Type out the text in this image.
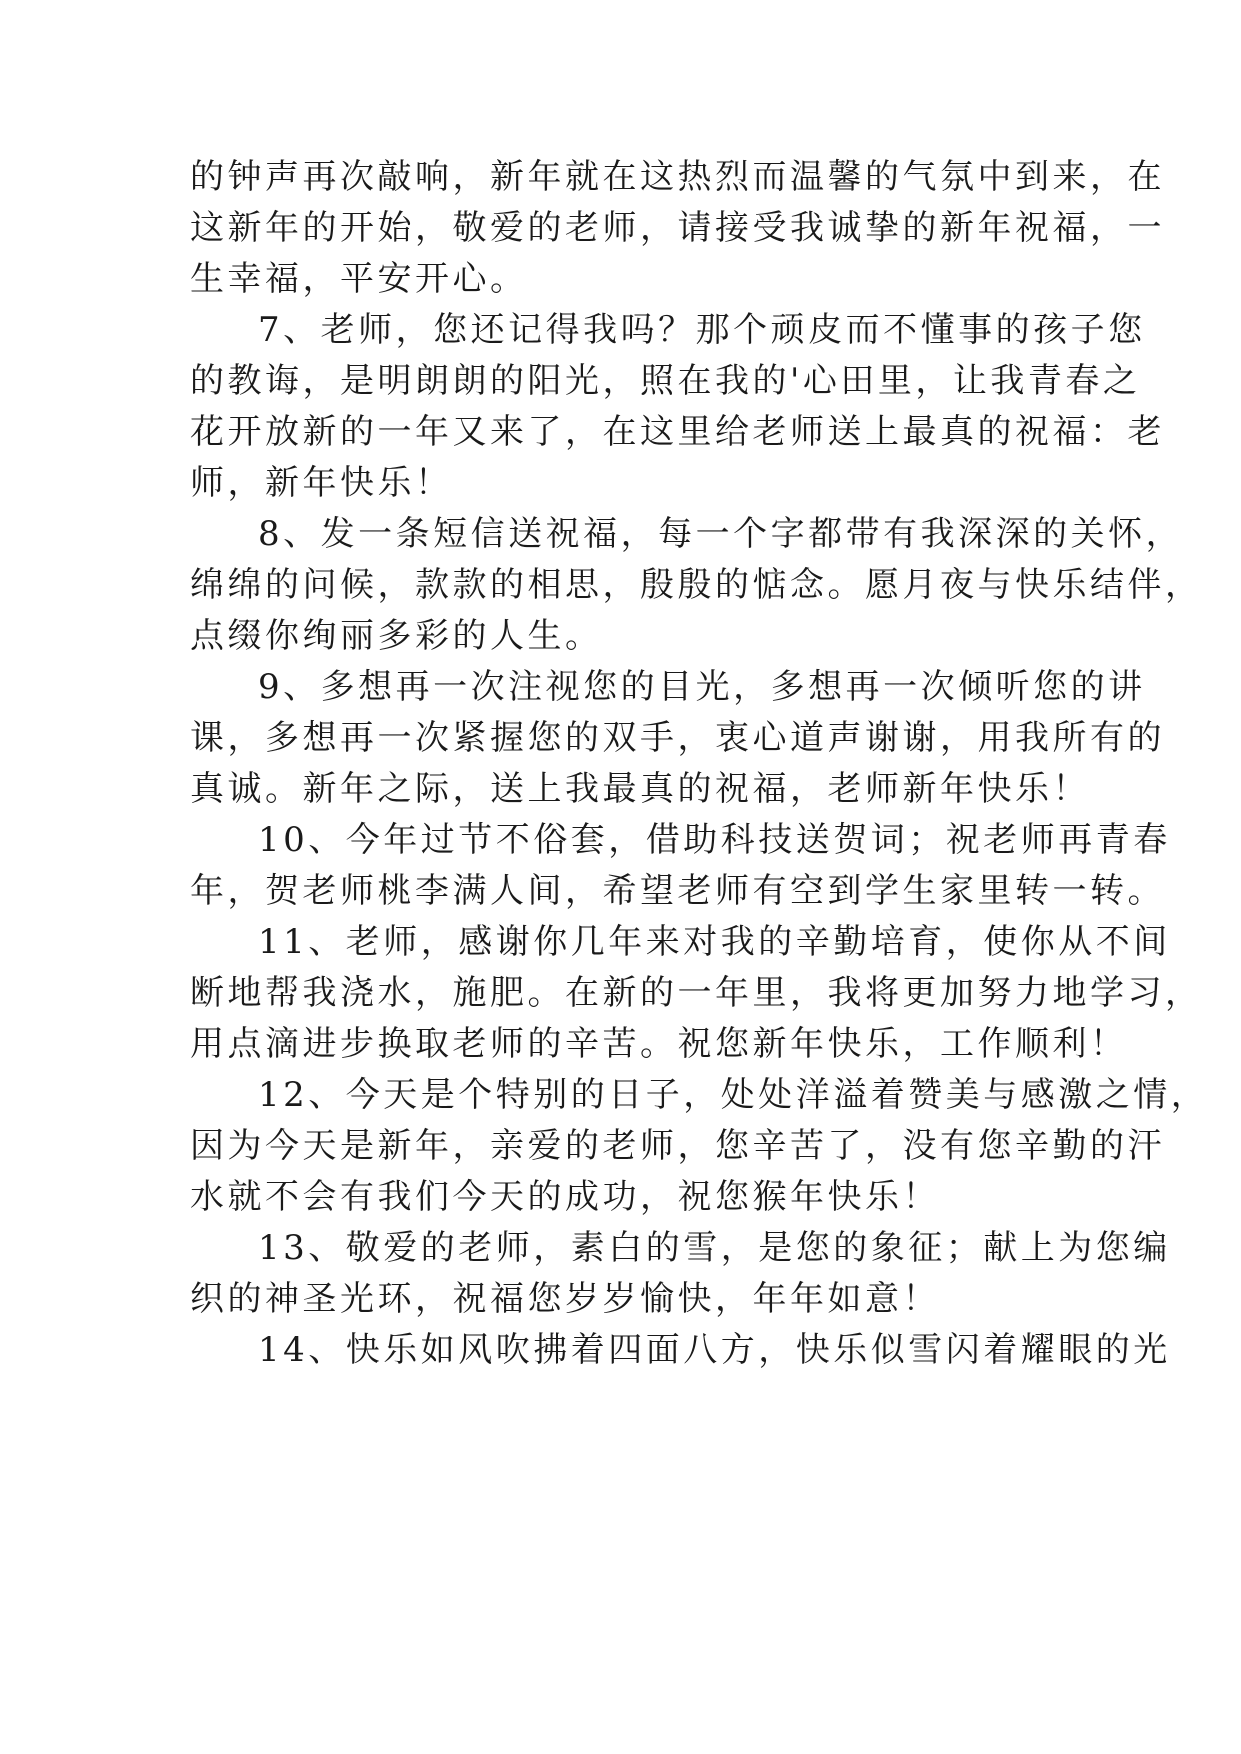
的钟声再次敲响，新年就在这热烈而温馨的气氛中到来，在
这新年的开始，敬爱的老师，请接受我诚挚的新年祝福，一
生幸福，平安开心。
7、老师，您还记得我吗？那个顽皮而不懂事的孩子您
的教诲，是明朗朗的阳光，照在我的'心田里，让我青春之
花开放新的一年又来了，在这里给老师送上最真的祝福：老
师，新年快乐！
8、发一条短信送祝福，每一个字都带有我深深的关怀，
绵绵的问候，款款的相思，殷殷的惦念。愿月夜与快乐结伴，
点缀你绚丽多彩的人生。
9、多想再一次注视您的目光，多想再一次倾听您的讲
课，多想再一次紧握您的双手，衷心道声谢谢，用我所有的
真诚。新年之际，送上我最真的祝福，老师新年快乐！
10、今年过节不俗套，借助科技送贺词；祝老师再青春
年，贺老师桃李满人间，希望老师有空到学生家里转一转。
11、老师，感谢你几年来对我的辛勤培育，使你从不间
断地帮我浇水，施肥。在新的一年里，我将更加努力地学习，
用点滴进步换取老师的辛苦。祝您新年快乐，工作顺利！
12、今天是个特别的日子，处处洋溢着赞美与感激之情，
因为今天是新年，亲爱的老师，您辛苦了，没有您辛勤的汗
水就不会有我们今天的成功，祝您猴年快乐！
13、敬爱的老师，素白的雪，是您的象征；献上为您编
织的神圣光环，祝福您岁岁愉快，年年如意！
14、快乐如风吹拂着四面八方，快乐似雪闪着耀眼的光
